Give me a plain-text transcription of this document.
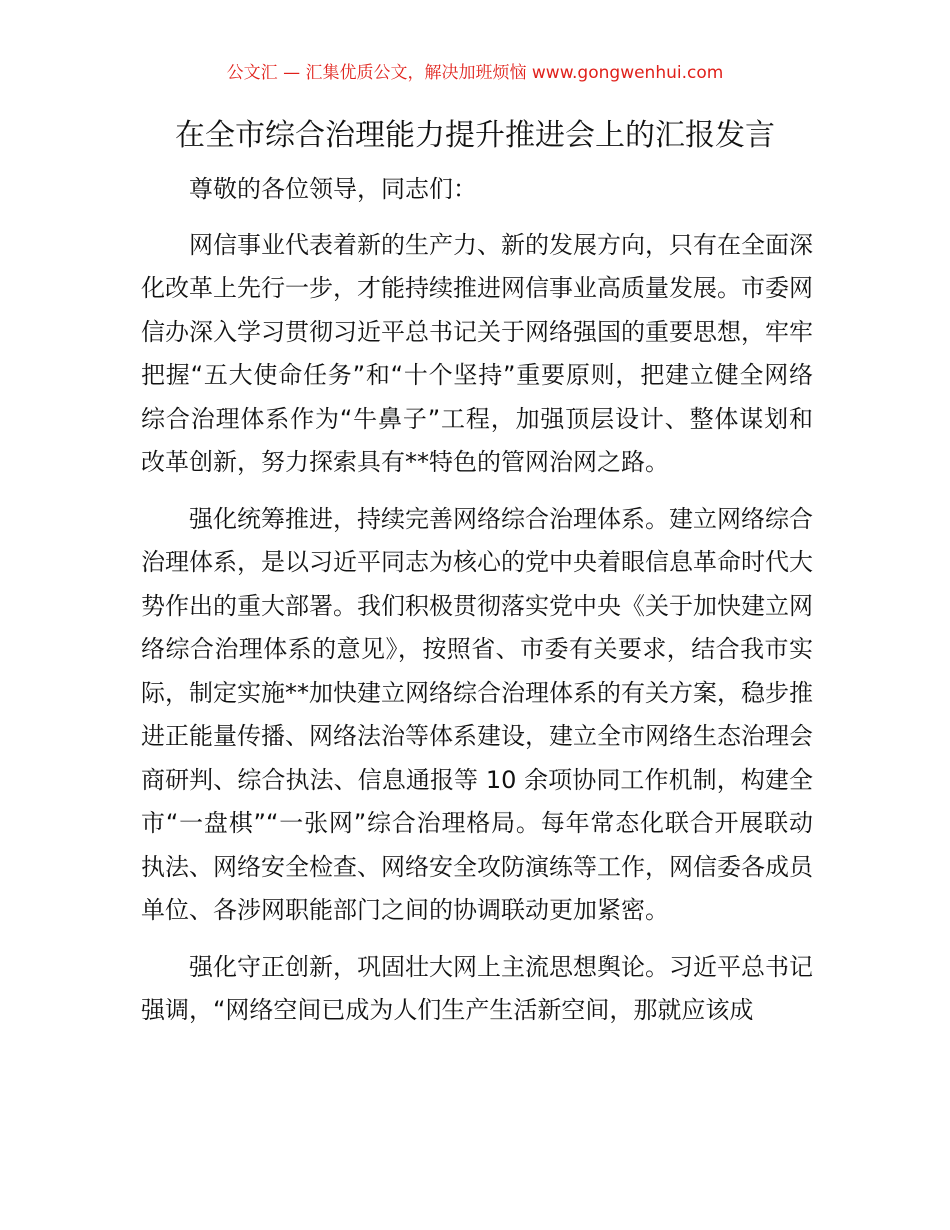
公文汇 — 汇集优质公文，解决加班烦恼 www.gongwenhui.com
在全市综合治理能力提升推进会上的汇报发言

尊敬的各位领导，同志们：

网信事业代表着新的生产力、新的发展方向，只有在全面深化改革上先行一步，才能持续推进网信事业高质量发展。市委网信办深入学习贯彻习近平总书记关于网络强国的重要思想，牢牢把握“五大使命任务”和“十个坚持”重要原则，把建立健全网络综合治理体系作为“牛鼻子”工程，加强顶层设计、整体谋划和改革创新，努力探索具有**特色的管网治网之路。

强化统筹推进，持续完善网络综合治理体系。建立网络综合治理体系，是以习近平同志为核心的党中央着眼信息革命时代大势作出的重大部署。我们积极贯彻落实党中央《关于加快建立网络综合治理体系的意见》，按照省、市委有关要求，结合我市实际，制定实施**加快建立网络综合治理体系的有关方案，稳步推进正能量传播、网络法治等体系建设，建立全市网络生态治理会商研判、综合执法、信息通报等 10 余项协同工作机制，构建全市“一盘棋”“一张网”综合治理格局。每年常态化联合开展联动执法、网络安全检查、网络安全攻防演练等工作，网信委各成员单位、各涉网职能部门之间的协调联动更加紧密。

强化守正创新，巩固壮大网上主流思想舆论。习近平总书记强调，“网络空间已成为人们生产生活新空间，那就应该成
